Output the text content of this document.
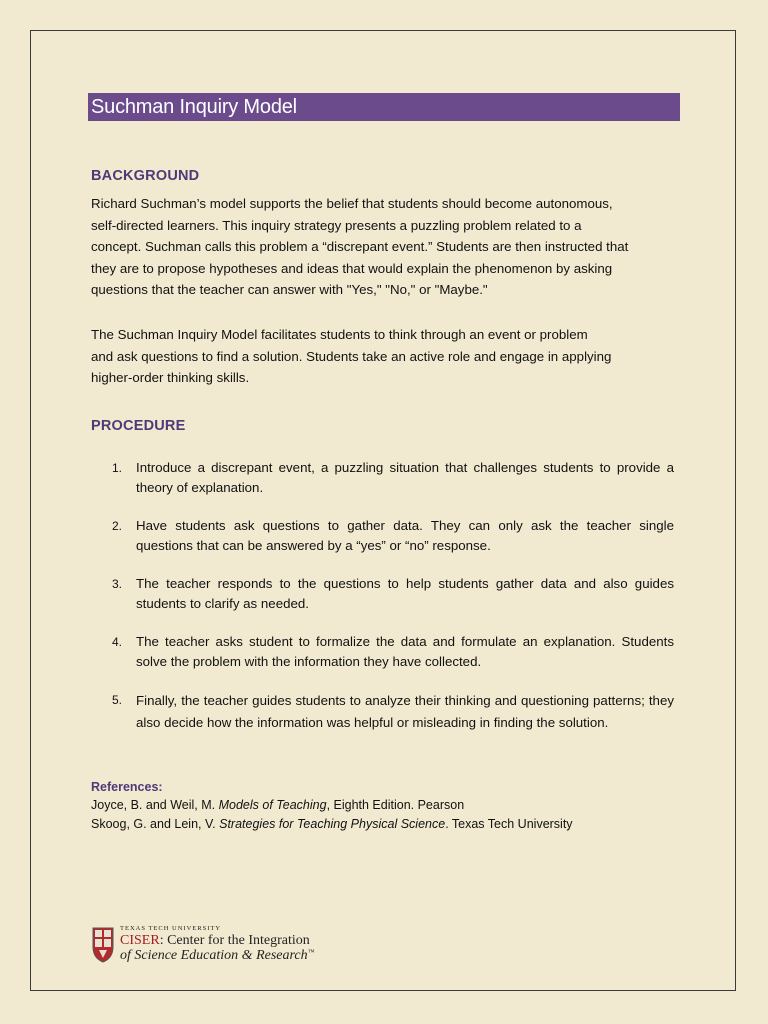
Suchman Inquiry Model
BACKGROUND
Richard Suchman’s model supports the belief that students should become autonomous,
self-directed learners. This inquiry strategy presents a puzzling problem related to a
concept. Suchman calls this problem a “discrepant event.” Students are then instructed that
they are to propose hypotheses and ideas that would explain the phenomenon by asking
questions that the teacher can answer with "Yes," "No," or "Maybe."
The Suchman Inquiry Model facilitates students to think through an event or problem
and ask questions to find a solution. Students take an active role and engage in applying
higher-order thinking skills.
PROCEDURE
1. Introduce a discrepant event, a puzzling situation that challenges students to provide a theory of explanation.
2. Have students ask questions to gather data. They can only ask the teacher single questions that can be answered by a “yes” or “no” response.
3. The teacher responds to the questions to help students gather data and also guides students to clarify as needed.
4. The teacher asks student to formalize the data and formulate an explanation. Students solve the problem with the information they have collected.
5. Finally, the teacher guides students to analyze their thinking and questioning patterns; they also decide how the information was helpful or misleading in finding the solution.
References:
Joyce, B. and Weil, M. Models of Teaching, Eighth Edition. Pearson
Skoog, G. and Lein, V. Strategies for Teaching Physical Science. Texas Tech University
TEXAS TECH UNIVERSITY
CISER: Center for the Integration
of Science Education & Research™
